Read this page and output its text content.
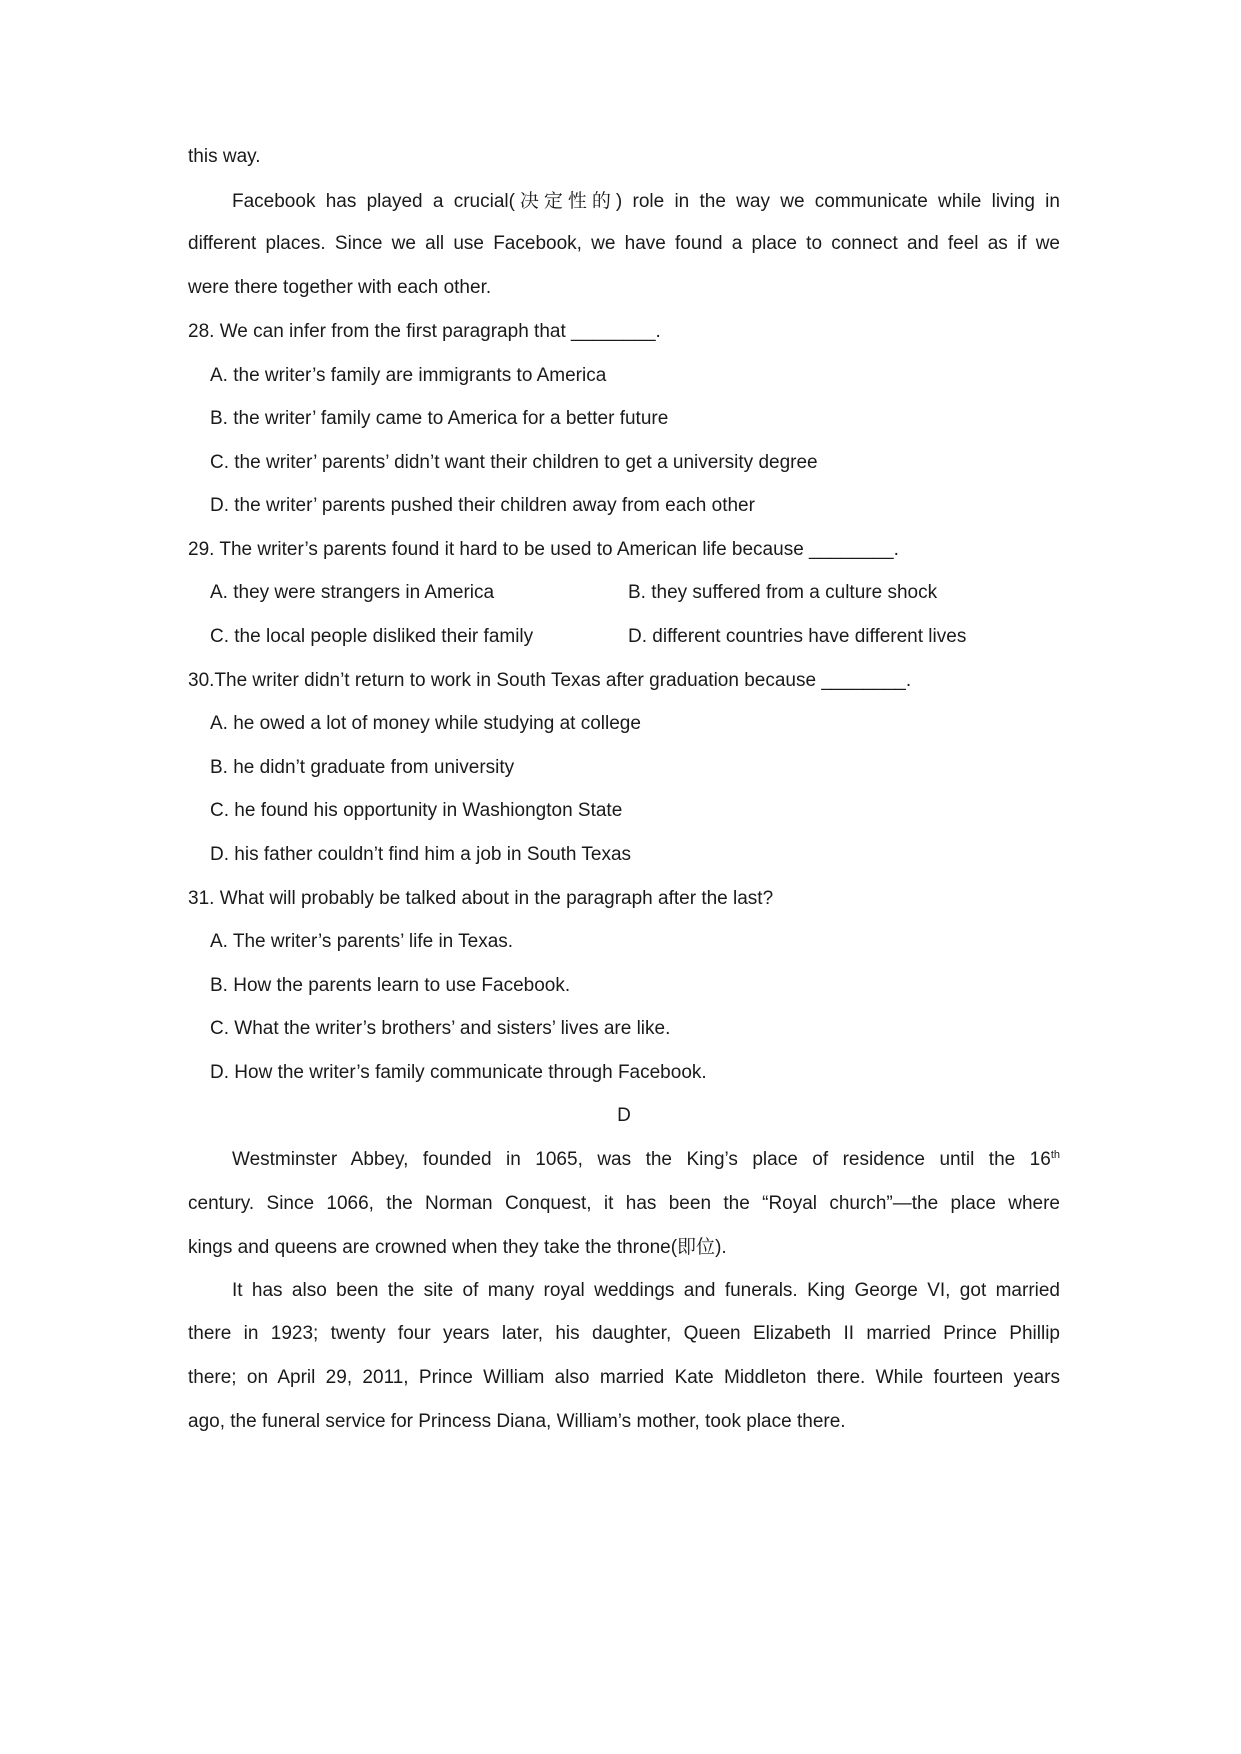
this way.
Facebook has played a crucial(决定性的) role in the way we communicate while living in
different places. Since we all use Facebook, we have found a place to connect and feel as if we
were there together with each other.
28. We can infer from the first paragraph that ________.
A. the writer’s family are immigrants to America
B. the writer’ family came to America for a better future
C. the writer’ parents’ didn’t want their children to get a university degree
D. the writer’ parents pushed their children away from each other
29. The writer’s parents found it hard to be used to American life because ________.
A. they were strangers in America	B. they suffered from a culture shock
C. the local people disliked their family	D. different countries have different lives
30.The writer didn’t return to work in South Texas after graduation because ________.
A. he owed a lot of money while studying at college
B. he didn’t graduate from university
C. he found his opportunity in Washiongton State
D. his father couldn’t find him a job in South Texas
31. What will probably be talked about in the paragraph after the last?
A. The writer’s parents’ life in Texas.
B. How the parents learn to use Facebook.
C. What the writer’s brothers’ and sisters’ lives are like.
D. How the writer’s family communicate through Facebook.
D
Westminster Abbey, founded in 1065, was the King’s place of residence until the 16th
century. Since 1066, the Norman Conquest, it has been the “Royal church”—the place where
kings and queens are crowned when they take the throne(即位).
It has also been the site of many royal weddings and funerals. King George VI, got married
there in 1923; twenty four years later, his daughter, Queen Elizabeth II married Prince Phillip
there; on April 29, 2011, Prince William also married Kate Middleton there. While fourteen years
ago, the funeral service for Princess Diana, William’s mother, took place there.
